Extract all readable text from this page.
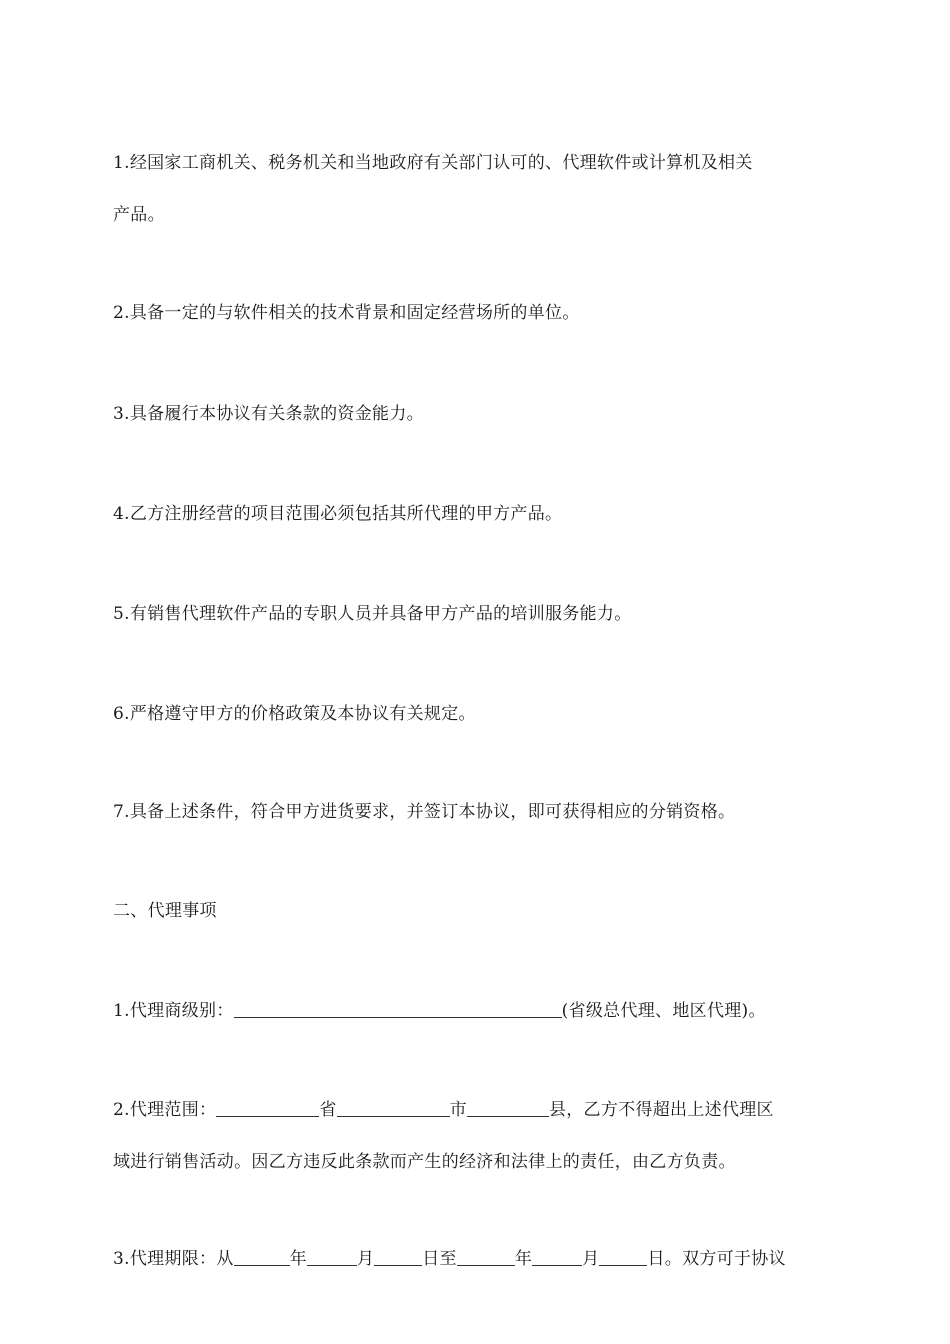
1.经国家工商机关、税务机关和当地政府有关部门认可的、代理软件或计算机及相关
产品。
2.具备一定的与软件相关的技术背景和固定经营场所的单位。
3.具备履行本协议有关条款的资金能力。
4.乙方注册经营的项目范围必须包括其所代理的甲方产品。
5.有销售代理软件产品的专职人员并具备甲方产品的培训服务能力。
6.严格遵守甲方的价格政策及本协议有关规定。
7.具备上述条件，符合甲方进货要求，并签订本协议，即可获得相应的分销资格。
二、代理事项
1.代理商级别：	(省级总代理、地区代理)。
2.代理范围：	省	市	县，乙方不得超出上述代理区
域进行销售活动。因乙方违反此条款而产生的经济和法律上的责任，由乙方负责。
3.代理期限：从	年	月	日至	年	月	日。双方可于协议
